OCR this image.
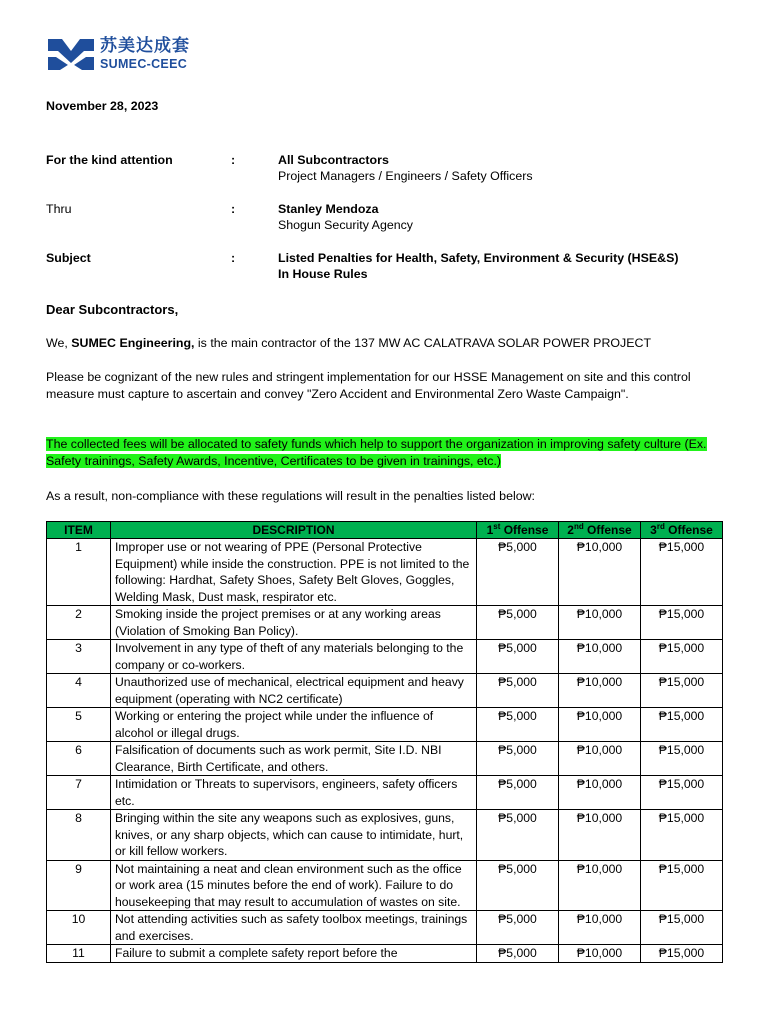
苏美达成套
SUMEC-CEEC
November 28, 2023
For the kind attention	:	All Subcontractors
Project Managers / Engineers / Safety Officers
Thru	:	Stanley Mendoza
Shogun Security Agency
Subject	:	Listed Penalties for Health, Safety, Environment & Security (HSE&S)
In House Rules
Dear Subcontractors,
We, SUMEC Engineering, is the main contractor of the 137 MW AC CALATRAVA SOLAR POWER PROJECT
Please be cognizant of the new rules and stringent implementation for our HSSE Management on site and this control measure must capture to ascertain and convey "Zero Accident and Environmental Zero Waste Campaign".
The collected fees will be allocated to safety funds which help to support the organization in improving safety culture (Ex. Safety trainings, Safety Awards, Incentive, Certificates to be given in trainings, etc.)
As a result, non-compliance with these regulations will result in the penalties listed below:
ITEM	DESCRIPTION	1st Offense	2nd Offense	3rd Offense
1	Improper use or not wearing of PPE (Personal Protective Equipment) while inside the construction. PPE is not limited to the following: Hardhat, Safety Shoes, Safety Belt Gloves, Goggles, Welding Mask, Dust mask, respirator etc.	₱5,000	₱10,000	₱15,000
2	Smoking inside the project premises or at any working areas (Violation of Smoking Ban Policy).	₱5,000	₱10,000	₱15,000
3	Involvement in any type of theft of any materials belonging to the company or co-workers.	₱5,000	₱10,000	₱15,000
4	Unauthorized use of mechanical, electrical equipment and heavy equipment (operating with NC2 certificate)	₱5,000	₱10,000	₱15,000
5	Working or entering the project while under the influence of alcohol or illegal drugs.	₱5,000	₱10,000	₱15,000
6	Falsification of documents such as work permit, Site I.D. NBI Clearance, Birth Certificate, and others.	₱5,000	₱10,000	₱15,000
7	Intimidation or Threats to supervisors, engineers, safety officers etc.	₱5,000	₱10,000	₱15,000
8	Bringing within the site any weapons such as explosives, guns, knives, or any sharp objects, which can cause to intimidate, hurt, or kill fellow workers.	₱5,000	₱10,000	₱15,000
9	Not maintaining a neat and clean environment such as the office or work area (15 minutes before the end of work). Failure to do housekeeping that may result to accumulation of wastes on site.	₱5,000	₱10,000	₱15,000
10	Not attending activities such as safety toolbox meetings, trainings and exercises.	₱5,000	₱10,000	₱15,000
11	Failure to submit a complete safety report before the	₱5,000	₱10,000	₱15,000
